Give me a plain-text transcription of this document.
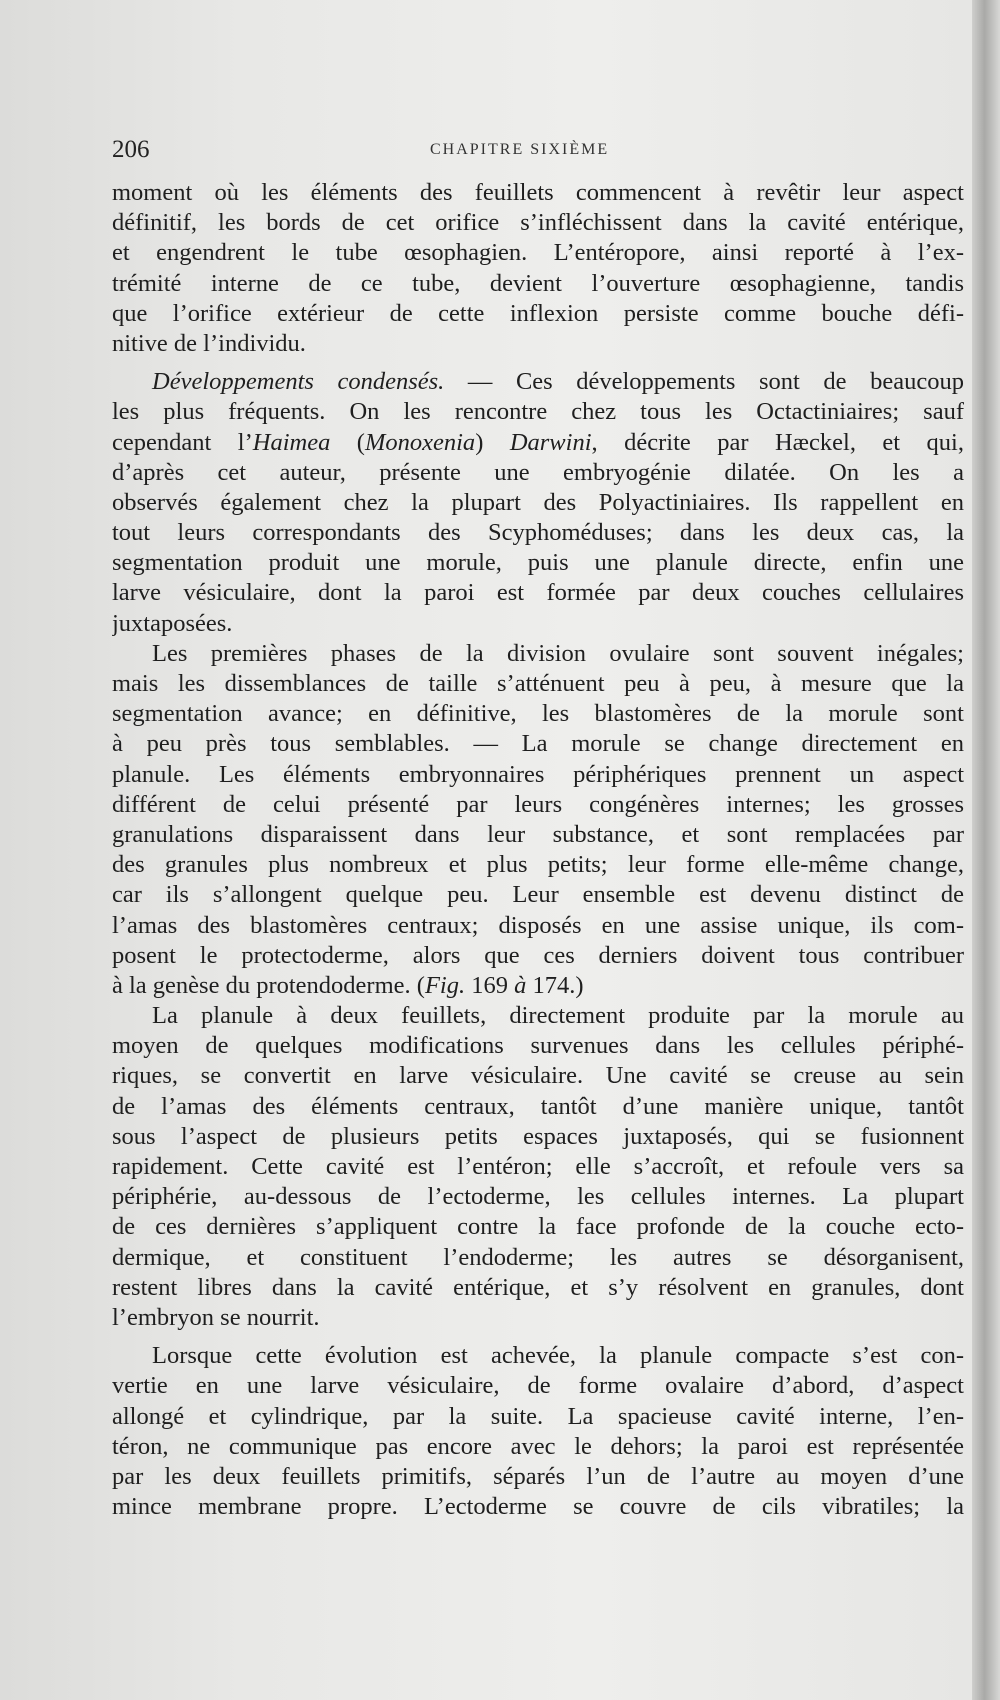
206	CHAPITRE SIXIÈME
moment où les éléments des feuillets commencent à revêtir leur aspect
définitif, les bords de cet orifice s’infléchissent dans la cavité entérique,
et engendrent le tube œsophagien. L’entéropore, ainsi reporté à l’ex-
trémité interne de ce tube, devient l’ouverture œsophagienne, tandis
que l’orifice extérieur de cette inflexion persiste comme bouche défi-
nitive de l’individu.
Développements condensés. — Ces développements sont de beaucoup
les plus fréquents. On les rencontre chez tous les Octactiniaires; sauf
cependant l’Haimea (Monoxenia) Darwini, décrite par Hæckel, et qui,
d’après cet auteur, présente une embryogénie dilatée. On les a
observés également chez la plupart des Polyactiniaires. Ils rappellent en
tout leurs correspondants des Scyphoméduses; dans les deux cas, la
segmentation produit une morule, puis une planule directe, enfin une
larve vésiculaire, dont la paroi est formée par deux couches cellulaires
juxtaposées.
Les premières phases de la division ovulaire sont souvent inégales;
mais les dissemblances de taille s’atténuent peu à peu, à mesure que la
segmentation avance; en définitive, les blastomères de la morule sont
à peu près tous semblables. — La morule se change directement en
planule. Les éléments embryonnaires périphériques prennent un aspect
différent de celui présenté par leurs congénères internes; les grosses
granulations disparaissent dans leur substance, et sont remplacées par
des granules plus nombreux et plus petits; leur forme elle-même change,
car ils s’allongent quelque peu. Leur ensemble est devenu distinct de
l’amas des blastomères centraux; disposés en une assise unique, ils com-
posent le protectoderme, alors que ces derniers doivent tous contribuer
à la genèse du protendoderme. (Fig. 169 à 174.)
La planule à deux feuillets, directement produite par la morule au
moyen de quelques modifications survenues dans les cellules périphé-
riques, se convertit en larve vésiculaire. Une cavité se creuse au sein
de l’amas des éléments centraux, tantôt d’une manière unique, tantôt
sous l’aspect de plusieurs petits espaces juxtaposés, qui se fusionnent
rapidement. Cette cavité est l’entéron; elle s’accroît, et refoule vers sa
périphérie, au-dessous de l’ectoderme, les cellules internes. La plupart
de ces dernières s’appliquent contre la face profonde de la couche ecto-
dermique, et constituent l’endoderme; les autres se désorganisent,
restent libres dans la cavité entérique, et s’y résolvent en granules, dont
l’embryon se nourrit.
Lorsque cette évolution est achevée, la planule compacte s’est con-
vertie en une larve vésiculaire, de forme ovalaire d’abord, d’aspect
allongé et cylindrique, par la suite. La spacieuse cavité interne, l’en-
téron, ne communique pas encore avec le dehors; la paroi est représentée
par les deux feuillets primitifs, séparés l’un de l’autre au moyen d’une
mince membrane propre. L’ectoderme se couvre de cils vibratiles; la
